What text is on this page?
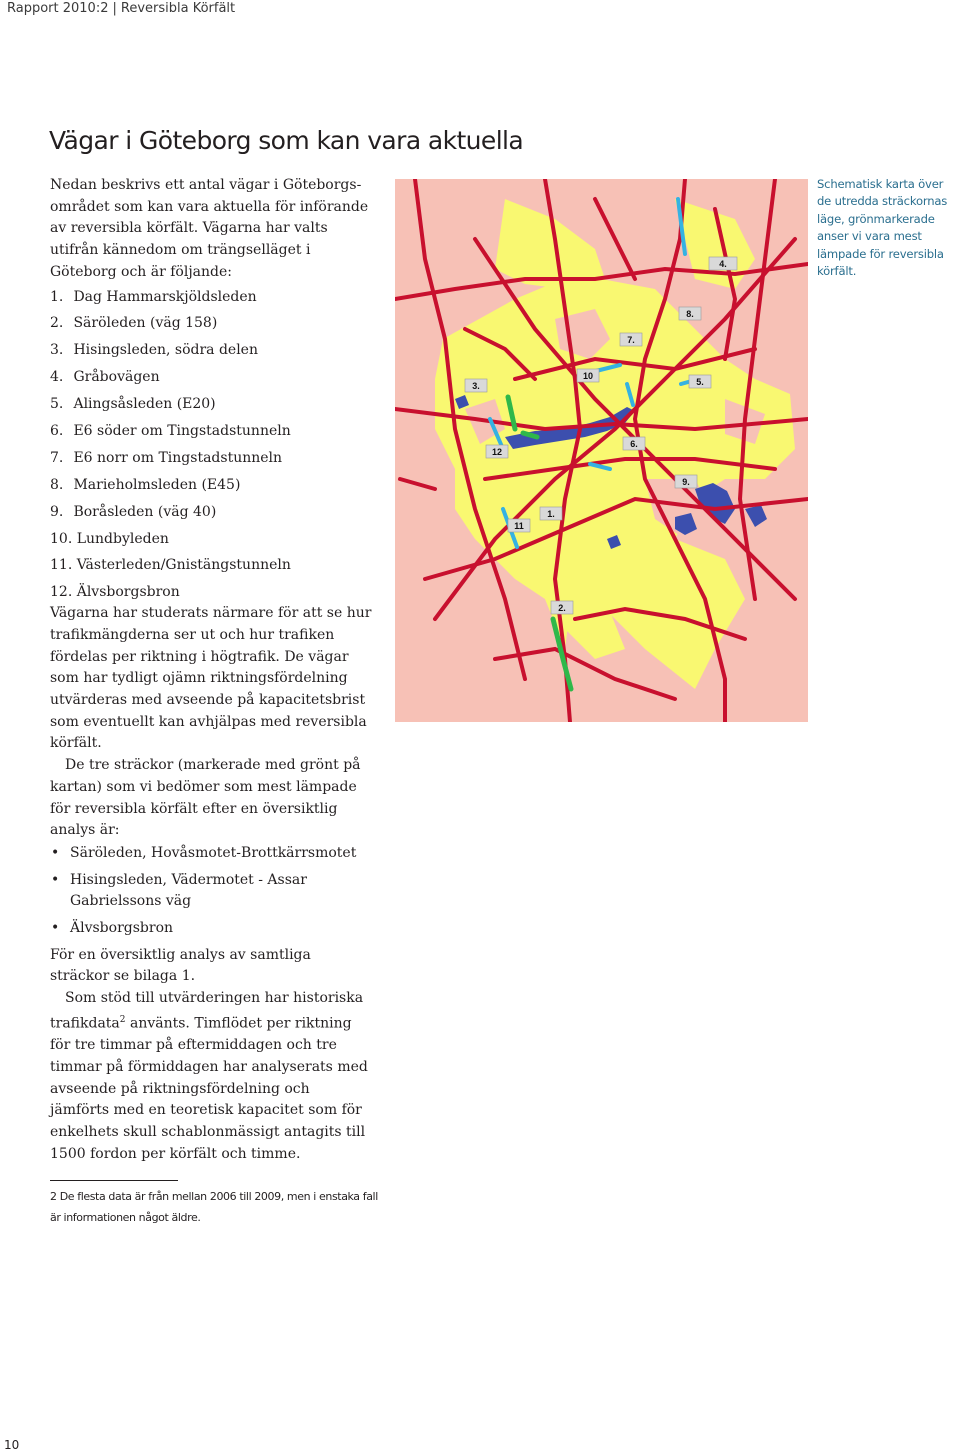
Rapport 2010:2 | Reversibla Körfält
Vägar i Göteborg som kan vara aktuella

Nedan beskrivs ett antal vägar i Göteborgs-området som kan vara aktuella för införande av reversibla körfält. Vägarna har valts utifrån kännedom om trängselläget i Göteborg och är följande:

1. Dag Hammarskjöldsleden
2. Säröleden (väg 158)
3. Hisingsleden, södra delen
4. Gråbovägen
5. Alingsåsleden (E20)
6. E6 söder om Tingstadstunneln
7. E6 norr om Tingstadstunneln
8. Marieholmsleden (E45)
9. Boråsleden (väg 40)
10. Lundbyleden
11. Västerleden/Gnistängstunneln
12. Älvsborgsbron

Vägarna har studerats närmare för att se hur trafikmängderna ser ut och hur trafiken fördelas per riktning i högtrafik. De vägar som har tydligt ojämn riktningsfördelning utvärderas med avseende på kapacitetsbrist som eventuellt kan avhjälpas med reversibla körfält.

De tre sträckor (markerade med grönt på kartan) som vi bedömer som mest lämpade för reversibla körfält efter en översiktlig analys är:

• Säröleden, Hovåsmotet-Brottkärrsmotet
• Hisingsleden, Vädermotet - Assar Gabrielssons väg
• Älvsborgsbron

För en översiktlig analys av samtliga sträckor se bilaga 1.

Som stöd till utvärderingen har historiska trafikdata$^2$ använts. Timflödet per riktning för tre timmar på eftermiddagen och tre timmar på förmiddagen har analyserats med avseende på riktningsfördelning och jämförts med en teoretisk kapacitet som för enkelhets skull schablonmässigt antagits till 1500 fordon per körfält och timme.

1.
2.
3.
4.
5.
6.
7.
8.
9.
10
11
12
Schematisk karta över de utredda sträckornas läge, grönmarkerade anser vi vara mest lämpade för reversibla körfält.
2 De flesta data är från mellan 2006 till 2009, men i enstaka fall är informationen något äldre.
10
